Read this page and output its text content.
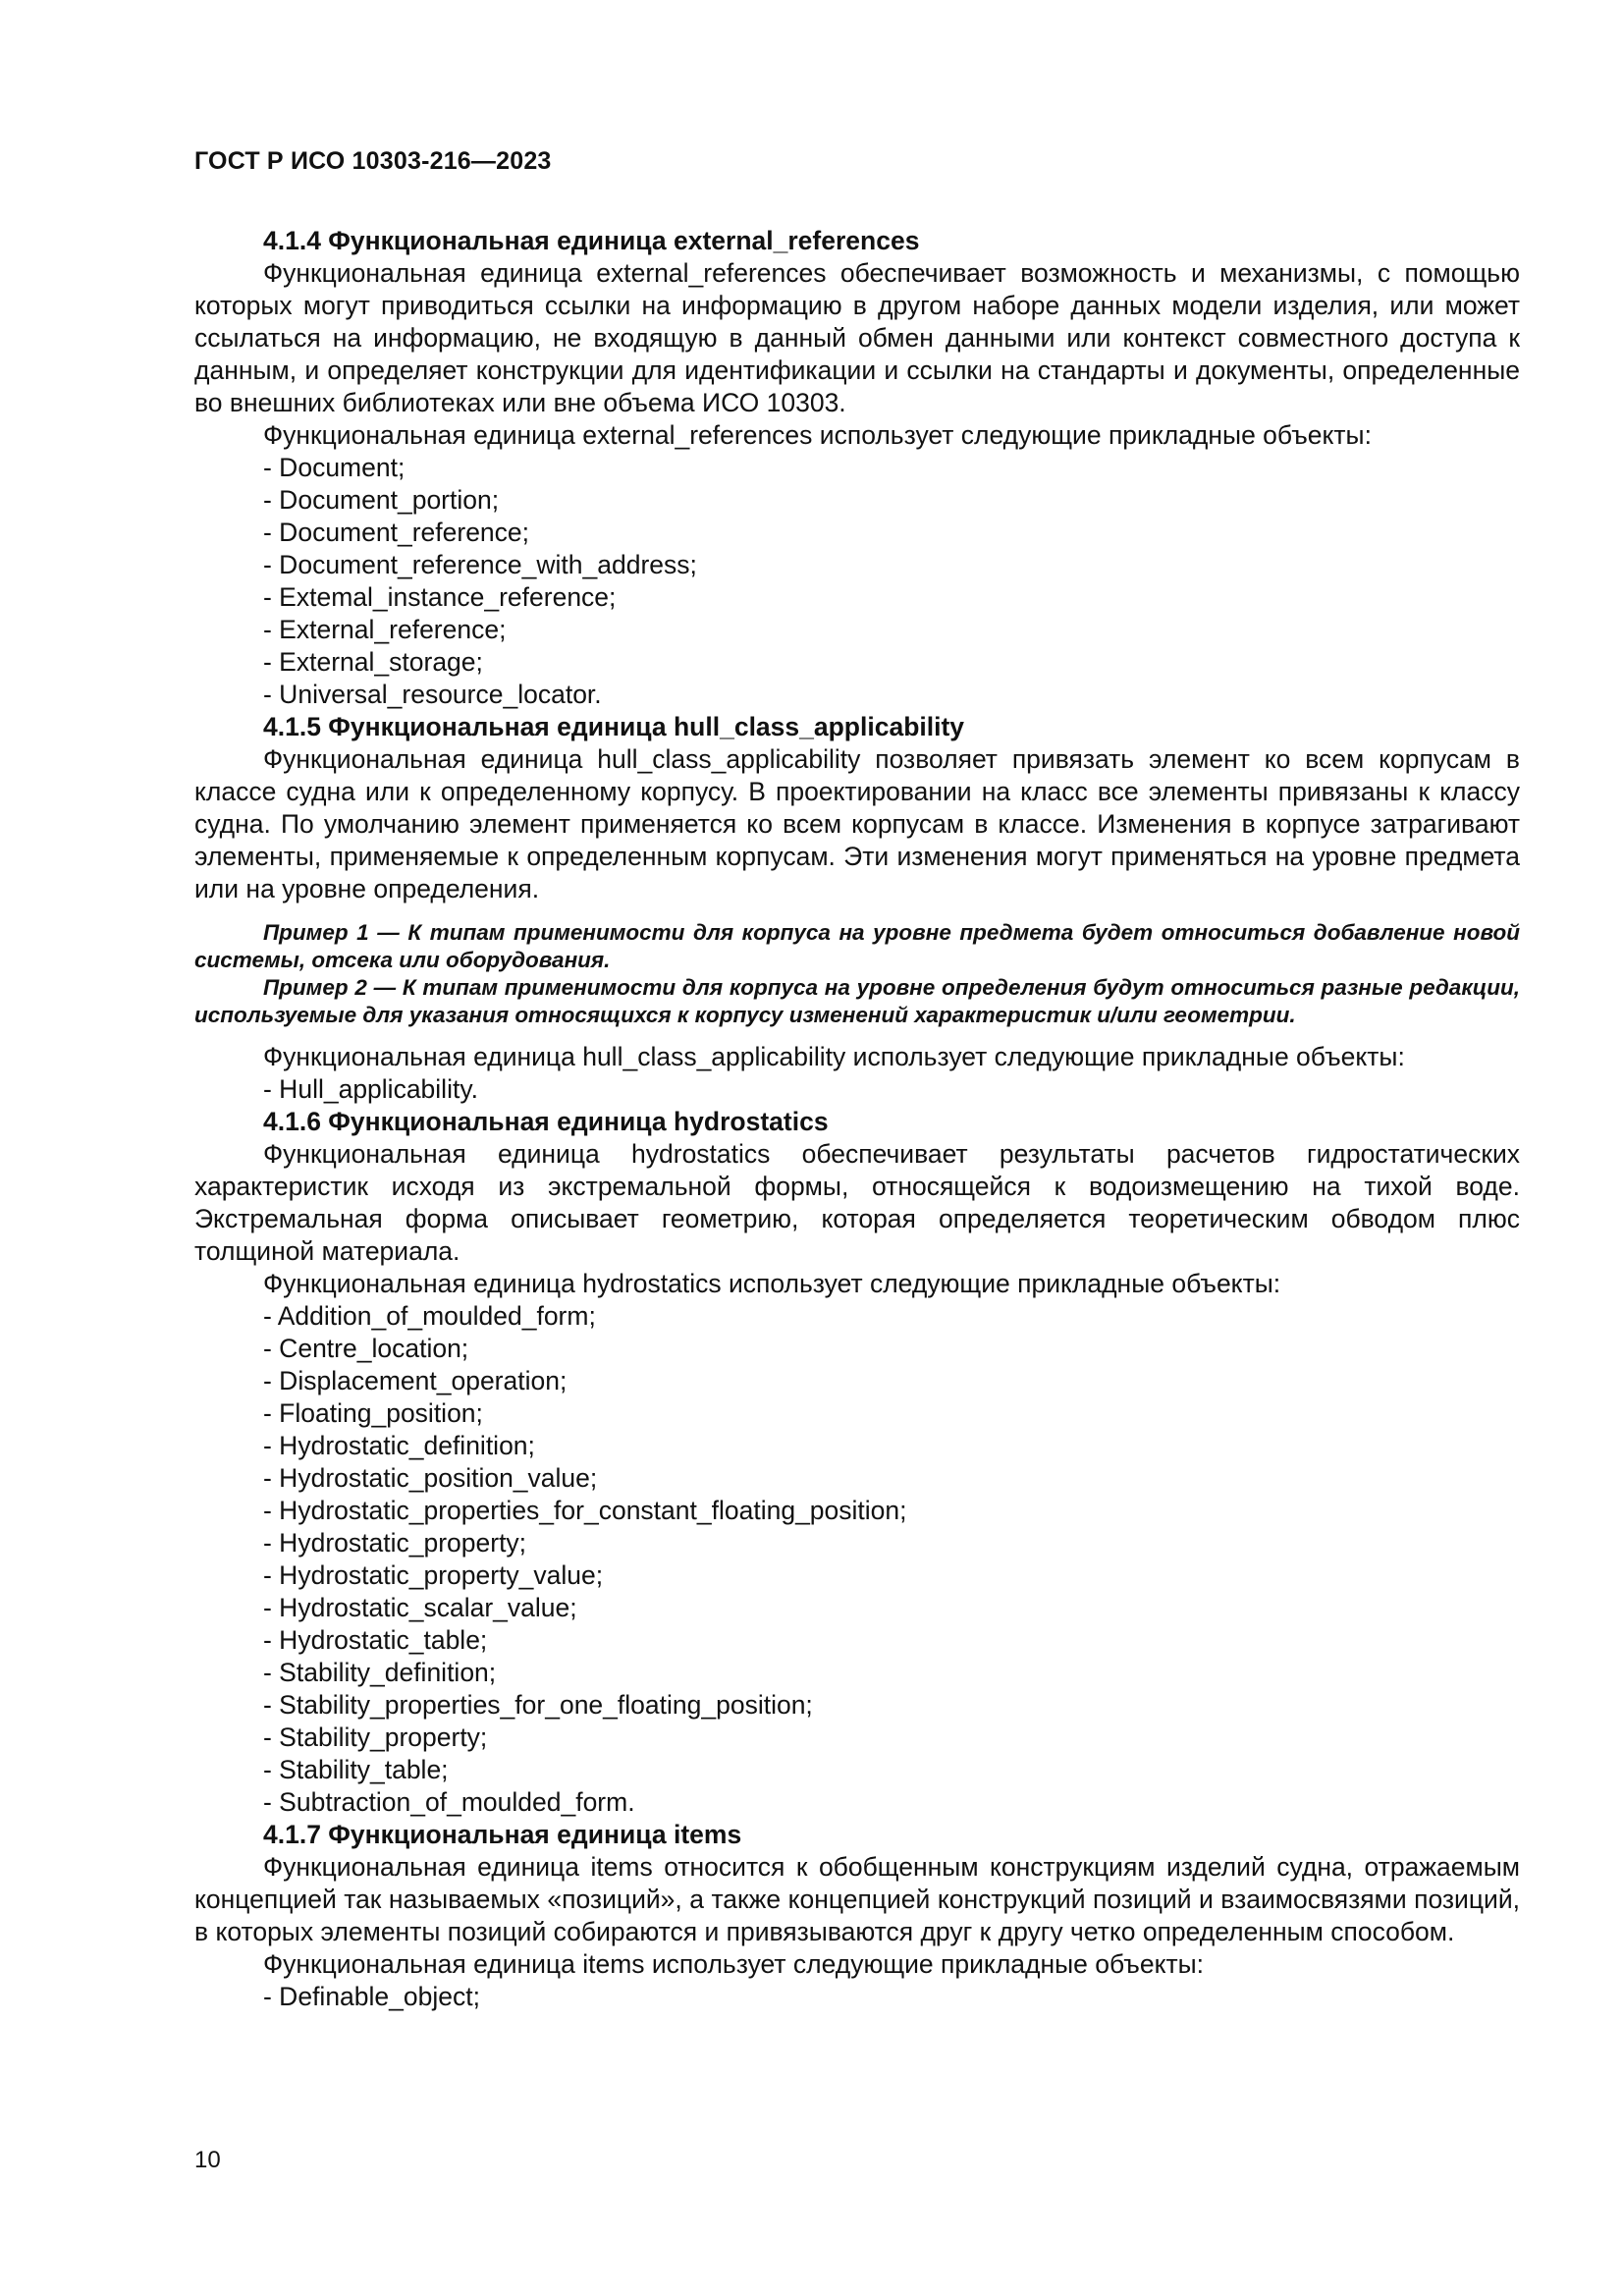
ГОСТ Р ИСО 10303-216—2023

4.1.4 Функциональная единица external_references

Функциональная единица external_references обеспечивает возможность и механизмы, с помощью которых могут приводиться ссылки на информацию в другом наборе данных модели изделия, или может ссылаться на информацию, не входящую в данный обмен данными или контекст совместного доступа к данным, и определяет конструкции для идентификации и ссылки на стандарты и документы, определенные во внешних библиотеках или вне объема ИСО 10303.

Функциональная единица external_references использует следующие прикладные объекты:

- Document;

- Document_portion;

- Document_reference;

- Document_reference_with_address;

- Extemal_instance_reference;

- External_reference;

- External_storage;

- Universal_resource_locator.

4.1.5 Функциональная единица hull_class_applicability

Функциональная единица hull_class_applicability позволяет привязать элемент ко всем корпусам в классе судна или к определенному корпусу. В проектировании на класс все элементы привязаны к классу судна. По умолчанию элемент применяется ко всем корпусам в классе. Изменения в корпусе затрагивают элементы, применяемые к определенным корпусам. Эти изменения могут применяться на уровне предмета или на уровне определения.

Пример 1 — К типам применимости для корпуса на уровне предмета будет относиться добавление новой системы, отсека или оборудования.

Пример 2 — К типам применимости для корпуса на уровне определения будут относиться разные редакции, используемые для указания относящихся к корпусу изменений характеристик и/или геометрии.

Функциональная единица hull_class_applicability использует следующие прикладные объекты:

- Hull_applicability.

4.1.6 Функциональная единица hydrostatics

Функциональная единица hydrostatics обеспечивает результаты расчетов гидростатических характеристик исходя из экстремальной формы, относящейся к водоизмещению на тихой воде. Экстремальная форма описывает геометрию, которая определяется теоретическим обводом плюс толщиной материала.

Функциональная единица hydrostatics использует следующие прикладные объекты:

- Addition_of_moulded_form;

- Centre_location;

- Displacement_operation;

- Floating_position;

- Hydrostatic_definition;

- Hydrostatic_position_value;

- Hydrostatic_properties_for_constant_floating_position;

- Hydrostatic_property;

- Hydrostatic_property_value;

- Hydrostatic_scalar_value;

- Hydrostatic_table;

- Stability_definition;

- Stability_properties_for_one_floating_position;

- Stability_property;

- Stability_table;

- Subtraction_of_moulded_form.

4.1.7 Функциональная единица items

Функциональная единица items относится к обобщенным конструкциям изделий судна, отражаемым концепцией так называемых «позиций», а также концепцией конструкций позиций и взаимосвязями позиций, в которых элементы позиций собираются и привязываются друг к другу четко определенным способом.

Функциональная единица items использует следующие прикладные объекты:

- Definable_object;

10
